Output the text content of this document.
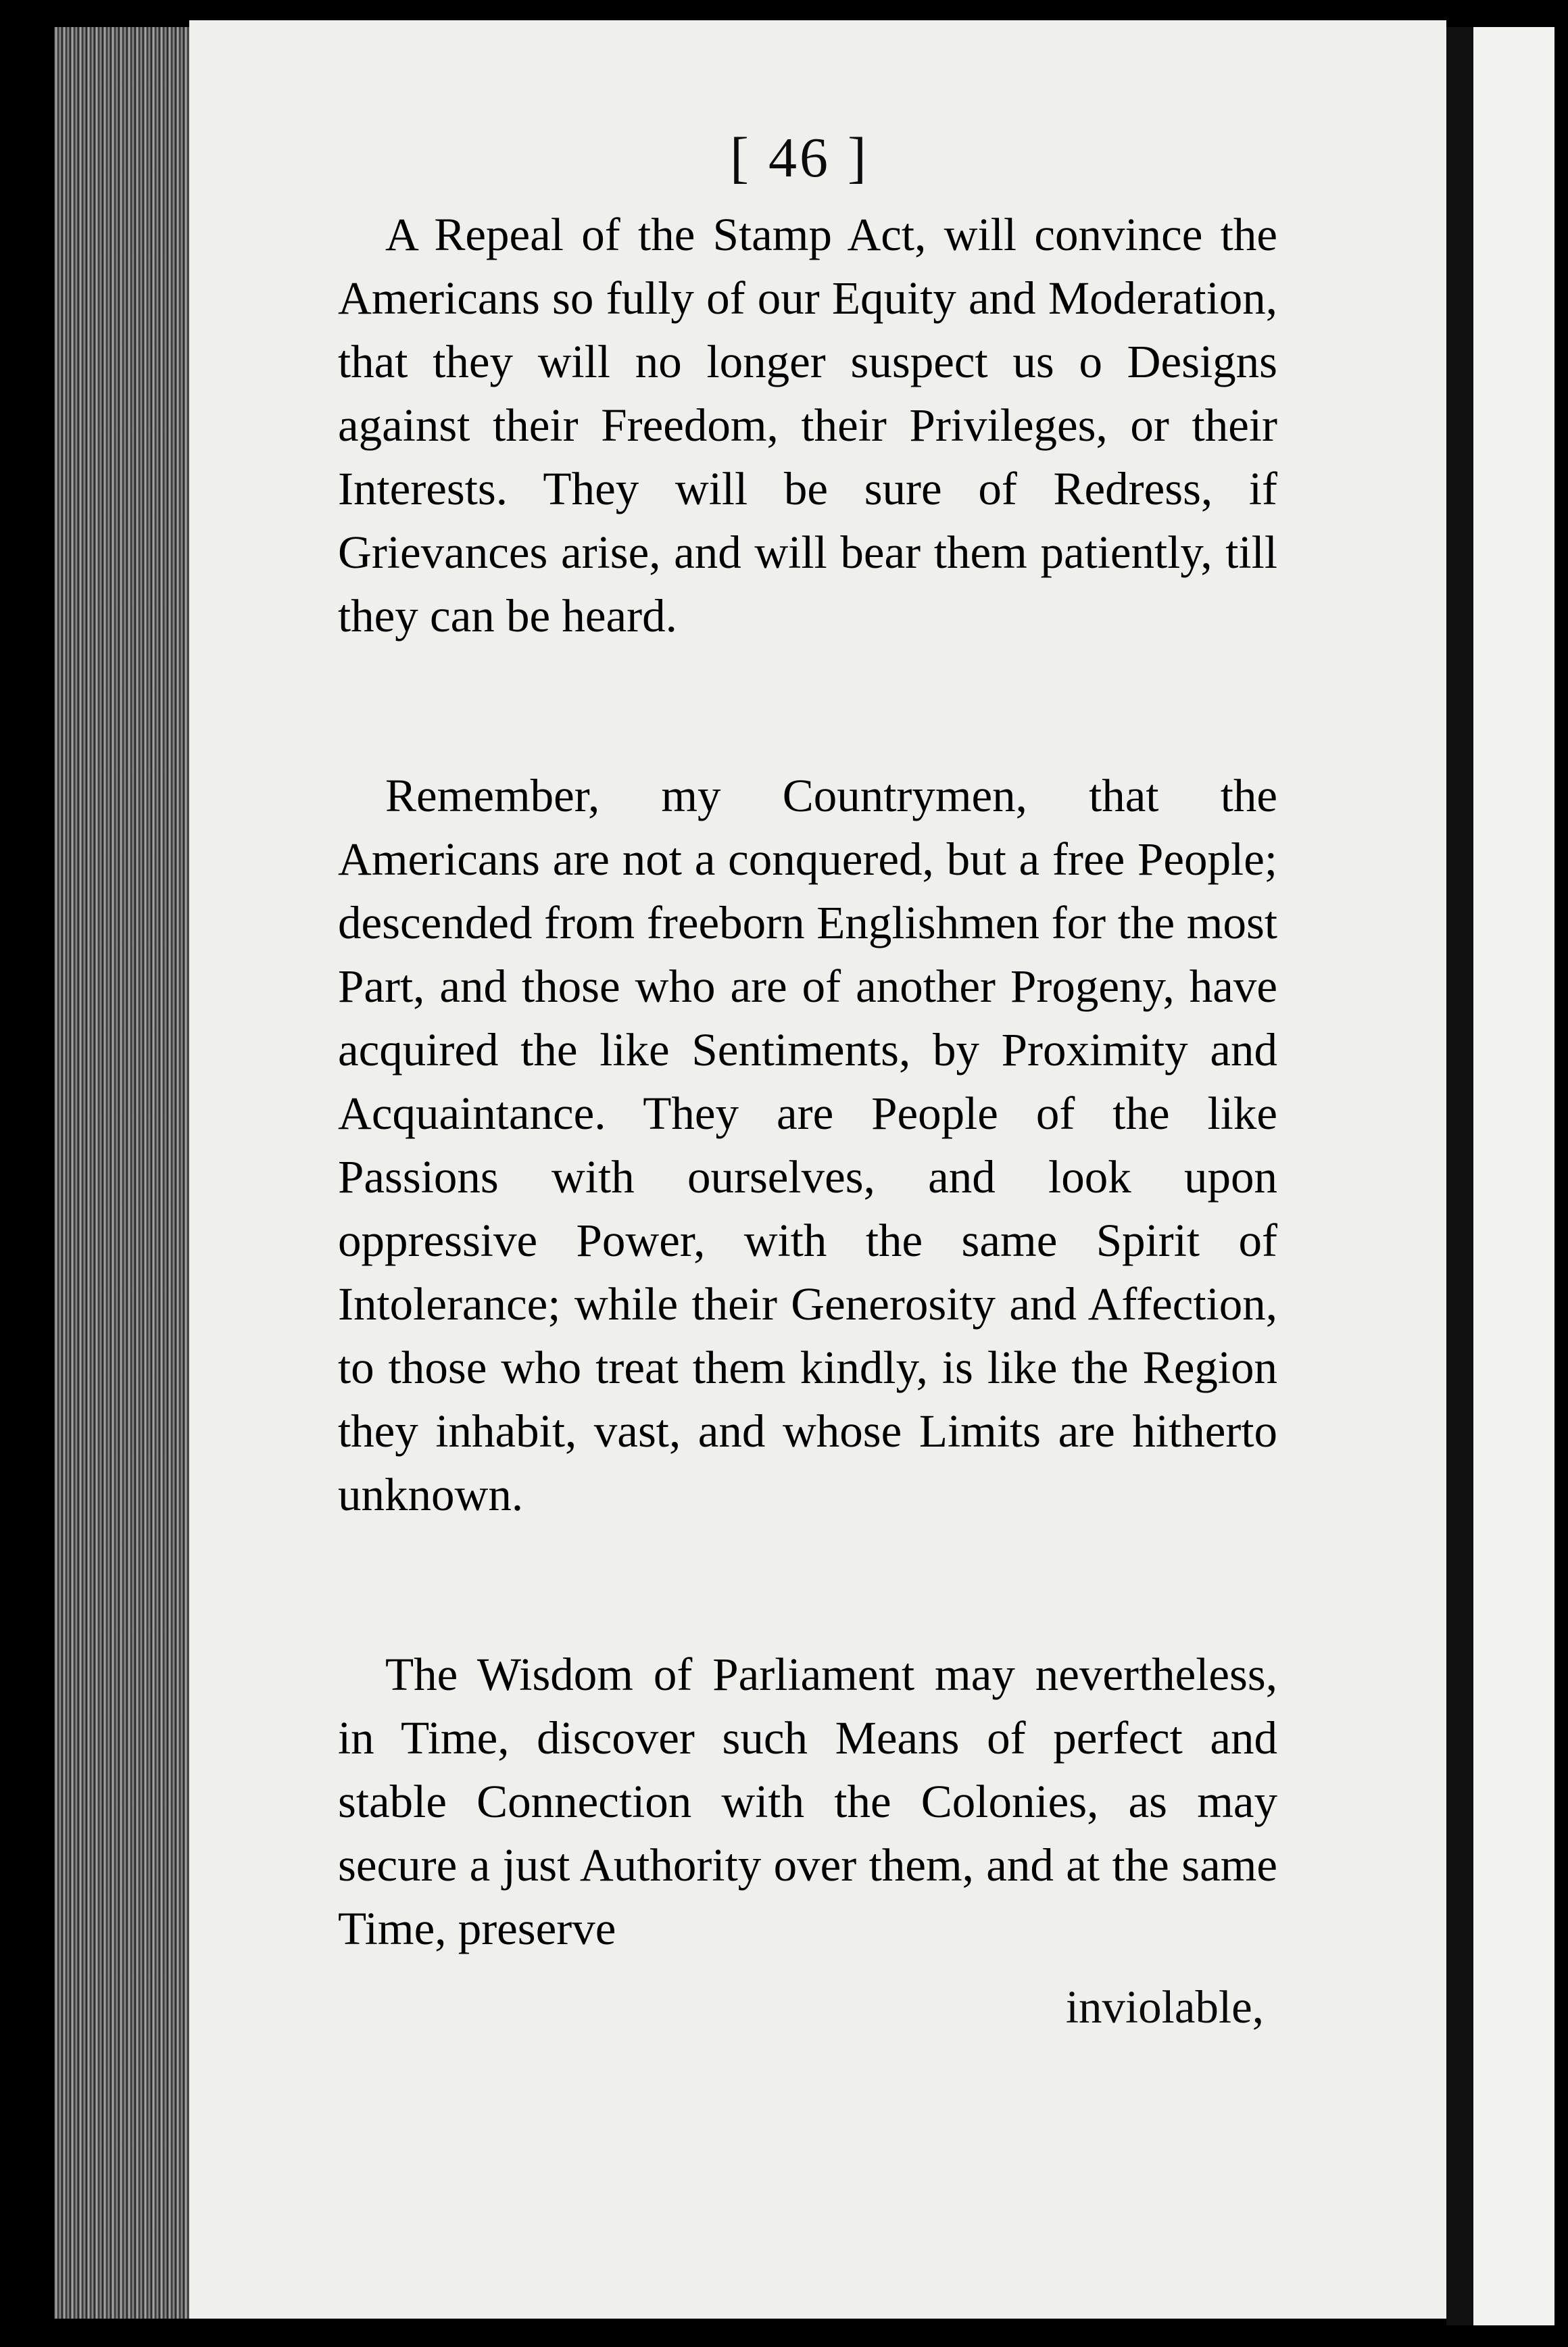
[ 46 ]

A Repeal of the Stamp Act, will convince the Americans so fully of our Equity and Moderation, that they will no longer suspect us o Designs against their Freedom, their Privileges, or their Interests. They will be sure of Redress, if Grievances arise, and will bear them patiently, till they can be heard.

Remember, my Countrymen, that the Americans are not a conquered, but a free People; descended from freeborn Englishmen for the most Part, and those who are of another Progeny, have acquired the like Sentiments, by Proximity and Acquaintance. They are People of the like Passions with ourselves, and look upon oppressive Power, with the same Spirit of Intolerance; while their Generosity and Affection, to those who treat them kindly, is like the Region they inhabit, vast, and whose Limits are hitherto unknown.

The Wisdom of Parliament may nevertheless, in Time, discover such Means of perfect and stable Connection with the Colonies, as may secure a just Authority over them, and at the same Time, preserve

inviolable,
